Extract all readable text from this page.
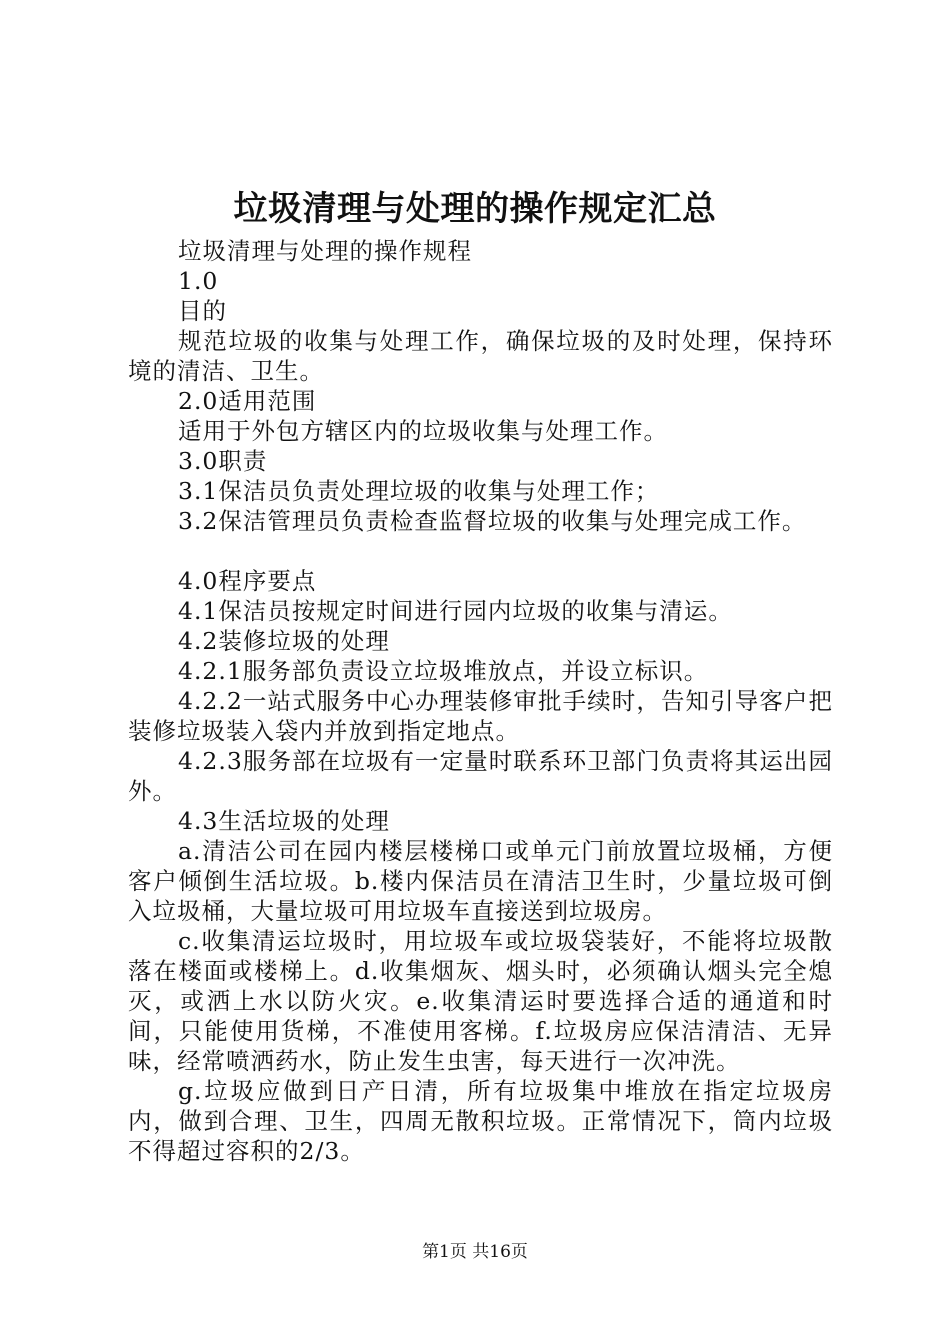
垃圾清理与处理的操作规定汇总

垃圾清理与处理的操作规程

1.0

目的

规范垃圾的收集与处理工作，确保垃圾的及时处理，保持环境的清洁、卫生。

2.0适用范围

适用于外包方辖区内的垃圾收集与处理工作。

3.0职责

3.1保洁员负责处理垃圾的收集与处理工作；

3.2保洁管理员负责检查监督垃圾的收集与处理完成工作。

4.0程序要点

4.1保洁员按规定时间进行园内垃圾的收集与清运。

4.2装修垃圾的处理

4.2.1服务部负责设立垃圾堆放点，并设立标识。

4.2.2一站式服务中心办理装修审批手续时，告知引导客户把装修垃圾装入袋内并放到指定地点。

4.2.3服务部在垃圾有一定量时联系环卫部门负责将其运出园外。

4.3生活垃圾的处理

a.清洁公司在园内楼层楼梯口或单元门前放置垃圾桶，方便客户倾倒生活垃圾。b.楼内保洁员在清洁卫生时，少量垃圾可倒入垃圾桶，大量垃圾可用垃圾车直接送到垃圾房。

c.收集清运垃圾时，用垃圾车或垃圾袋装好，不能将垃圾散落在楼面或楼梯上。d.收集烟灰、烟头时，必须确认烟头完全熄灭，或洒上水以防火灾。e.收集清运时要选择合适的通道和时间，只能使用货梯，不准使用客梯。f.垃圾房应保洁清洁、无异味，经常喷洒药水，防止发生虫害，每天进行一次冲洗。

g.垃圾应做到日产日清，所有垃圾集中堆放在指定垃圾房内，做到合理、卫生，四周无散积垃圾。正常情况下，筒内垃圾不得超过容积的2/3。

第1页 共16页
